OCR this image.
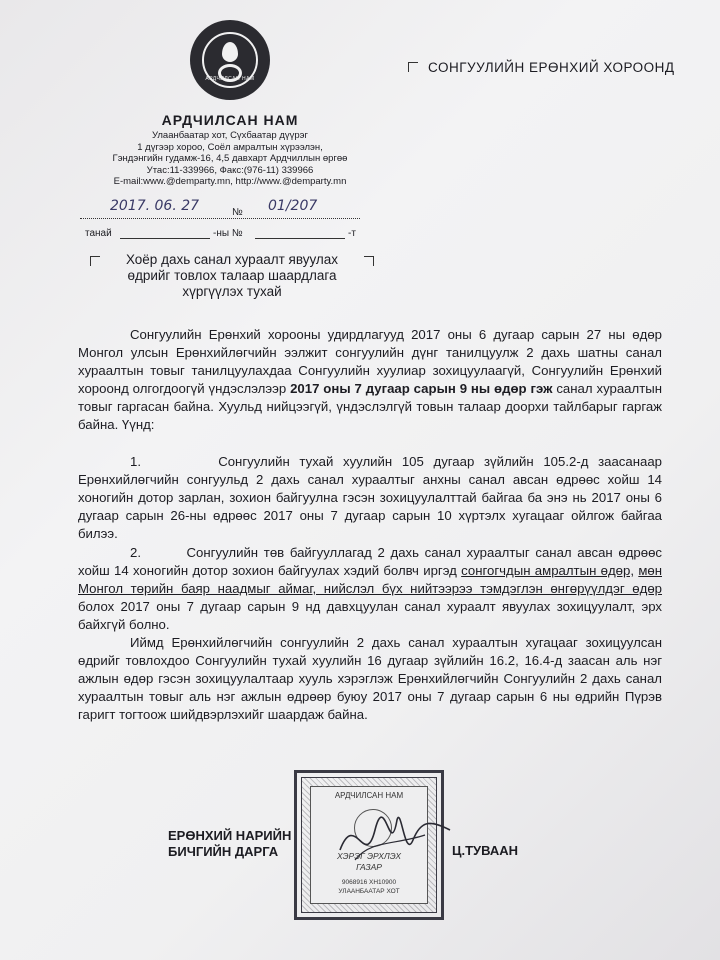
АРДЧИЛСАН НАМ
АРДЧИЛСАН НАМ
Улаанбаатар хот, Сүхбаатар дүүрэг
1 дүгээр хороо, Соёл амралтын хүрээлэн,
Гэндэнгийн гудамж-16, 4,5 давхарт Ардчиллын өргөө
Утас:11-339966, Факс:(976-11) 339966
E-mail:www.@demparty.mn, http://www.@demparty.mn
2017. 06. 27	№ 01/207
танай	-ны №	-т
СОНГУУЛИЙН ЕРӨНХИЙ ХОРООНД
Хоёр дахь санал хураалт явуулах өдрийг товлох талаар шаардлага хүргүүлэх тухай

Сонгуулийн Ерөнхий хорооны удирдлагууд 2017 оны 6 дугаар сарын 27 ны өдөр Монгол улсын Ерөнхийлөгчийн ээлжит сонгуулийн дүнг танилцуулж 2 дахь шатны санал хураалтын товыг танилцуулахдаа Сонгуулийн хуулиар зохицуулаагүй, Сонгуулийн Ерөнхий хороонд олгогдоогүй үндэслэлээр 2017 оны 7 дугаар сарын 9 ны өдөр гэж санал хураалтын товыг гаргасан байна. Хуульд нийцээгүй, үндэслэлгүй товын талаар доорхи тайлбарыг гаргаж байна. Үүнд:

1.	Сонгуулийн тухай хуулийн 105 дугаар зүйлийн 105.2-д заасанаар Ерөнхийлөгчийн сонгуульд 2 дахь санал хураалтыг анхны санал авсан өдрөөс хойш 14 хоногийн дотор зарлан, зохион байгуулна гэсэн зохицуулалттай байгаа ба энэ нь 2017 оны 6 дугаар сарын 26-ны өдрөөс 2017 оны 7 дугаар сарын 10 хүртэлх хугацааг ойлгож байгаа билээ.

2.	Сонгуулийн төв байгууллагад 2 дахь санал хураалтыг санал авсан өдрөөс хойш 14 хоногийн дотор зохион байгуулах хэдий болвч иргэд сонгогчдын амралтын өдөр, мөн Монгол төрийн баяр наадмыг аймаг, нийслэл бүх нийтээрээ тэмдэглэн өнгөрүүлдэг өдөр болох 2017 оны 7 дугаар сарын 9 нд давхцуулан санал хураалт явуулах зохицуулалт, эрх байхгүй болно.

Иймд Ерөнхийлөгчийн сонгуулийн 2 дахь санал хураалтын хугацааг зохицуулсан өдрийг товлохдоо Сонгуулийн тухай хуулийн 16 дугаар зүйлийн 16.2, 16.4-д заасан аль нэг ажлын өдөр гэсэн зохицуулалтаар хууль хэрэглэж Ерөнхийлөгчийн Сонгуулийн 2 дахь санал хураалтын товыг аль нэг ажлын өдрөөр буюу 2017 оны 7 дугаар сарын 6 ны өдрийн Пүрэв гаригт тогтоож шийдвэрлэхийг шаардаж байна.

ЕРӨНХИЙ НАРИЙН
БИЧГИЙН ДАРГА	Ц.ТУВААН
АРДЧИЛСАН НАМ
ХЭРЭГ ЭРХЛЭХ
ГАЗАР
9068916 ХН10900
УЛААНБААТАР ХОТ
